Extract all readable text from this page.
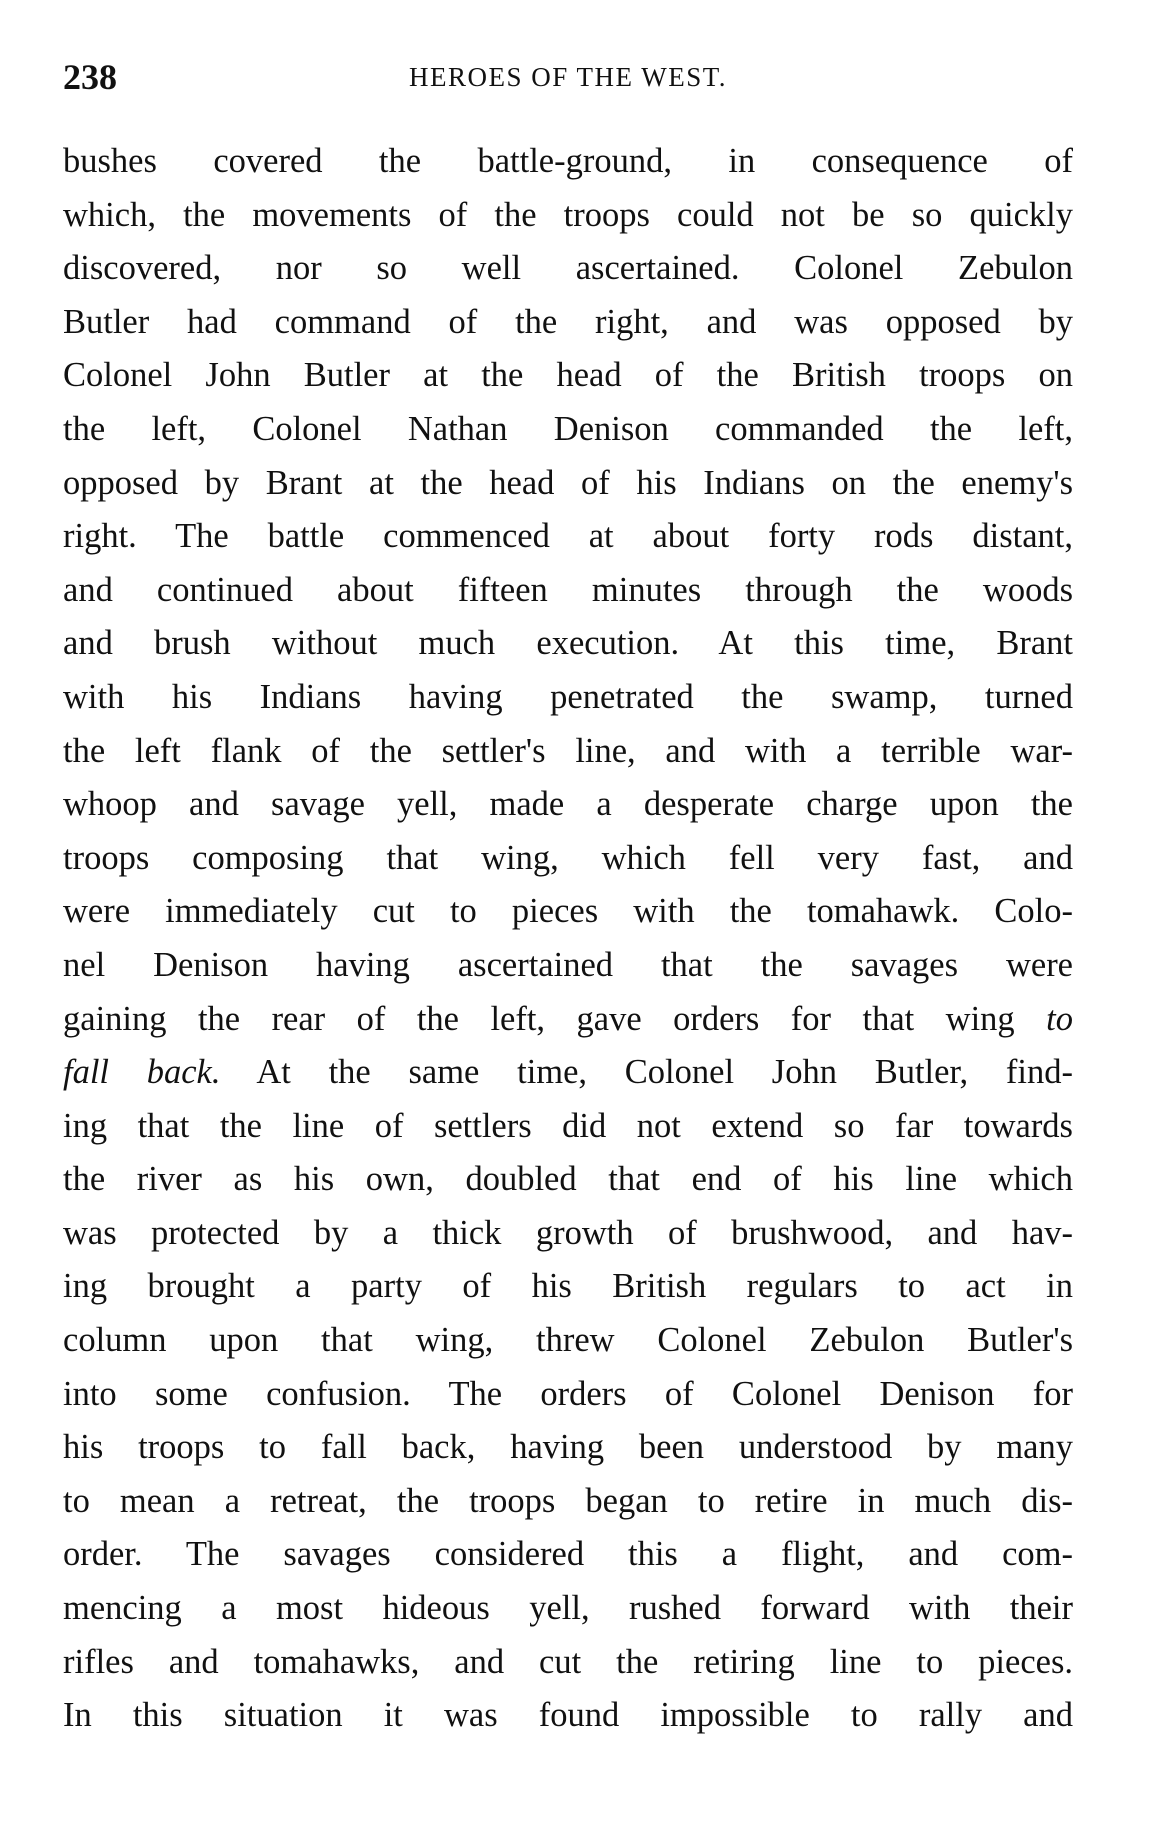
238	HEROES OF THE WEST.
bushes covered the battle-ground, in consequence of
which, the movements of the troops could not be so quickly
discovered, nor so well ascertained. Colonel Zebulon
Butler had command of the right, and was opposed by
Colonel John Butler at the head of the British troops on
the left, Colonel Nathan Denison commanded the left,
opposed by Brant at the head of his Indians on the enemy's
right. The battle commenced at about forty rods distant,
and continued about fifteen minutes through the woods
and brush without much execution. At this time, Brant
with his Indians having penetrated the swamp, turned
the left flank of the settler's line, and with a terrible war-
whoop and savage yell, made a desperate charge upon the
troops composing that wing, which fell very fast, and
were immediately cut to pieces with the tomahawk. Colo-
nel Denison having ascertained that the savages were
gaining the rear of the left, gave orders for that wing to
fall back. At the same time, Colonel John Butler, find-
ing that the line of settlers did not extend so far towards
the river as his own, doubled that end of his line which
was protected by a thick growth of brushwood, and hav-
ing brought a party of his British regulars to act in
column upon that wing, threw Colonel Zebulon Butler's
into some confusion. The orders of Colonel Denison for
his troops to fall back, having been understood by many
to mean a retreat, the troops began to retire in much dis-
order. The savages considered this a flight, and com-
mencing a most hideous yell, rushed forward with their
rifles and tomahawks, and cut the retiring line to pieces.
In this situation it was found impossible to rally and
